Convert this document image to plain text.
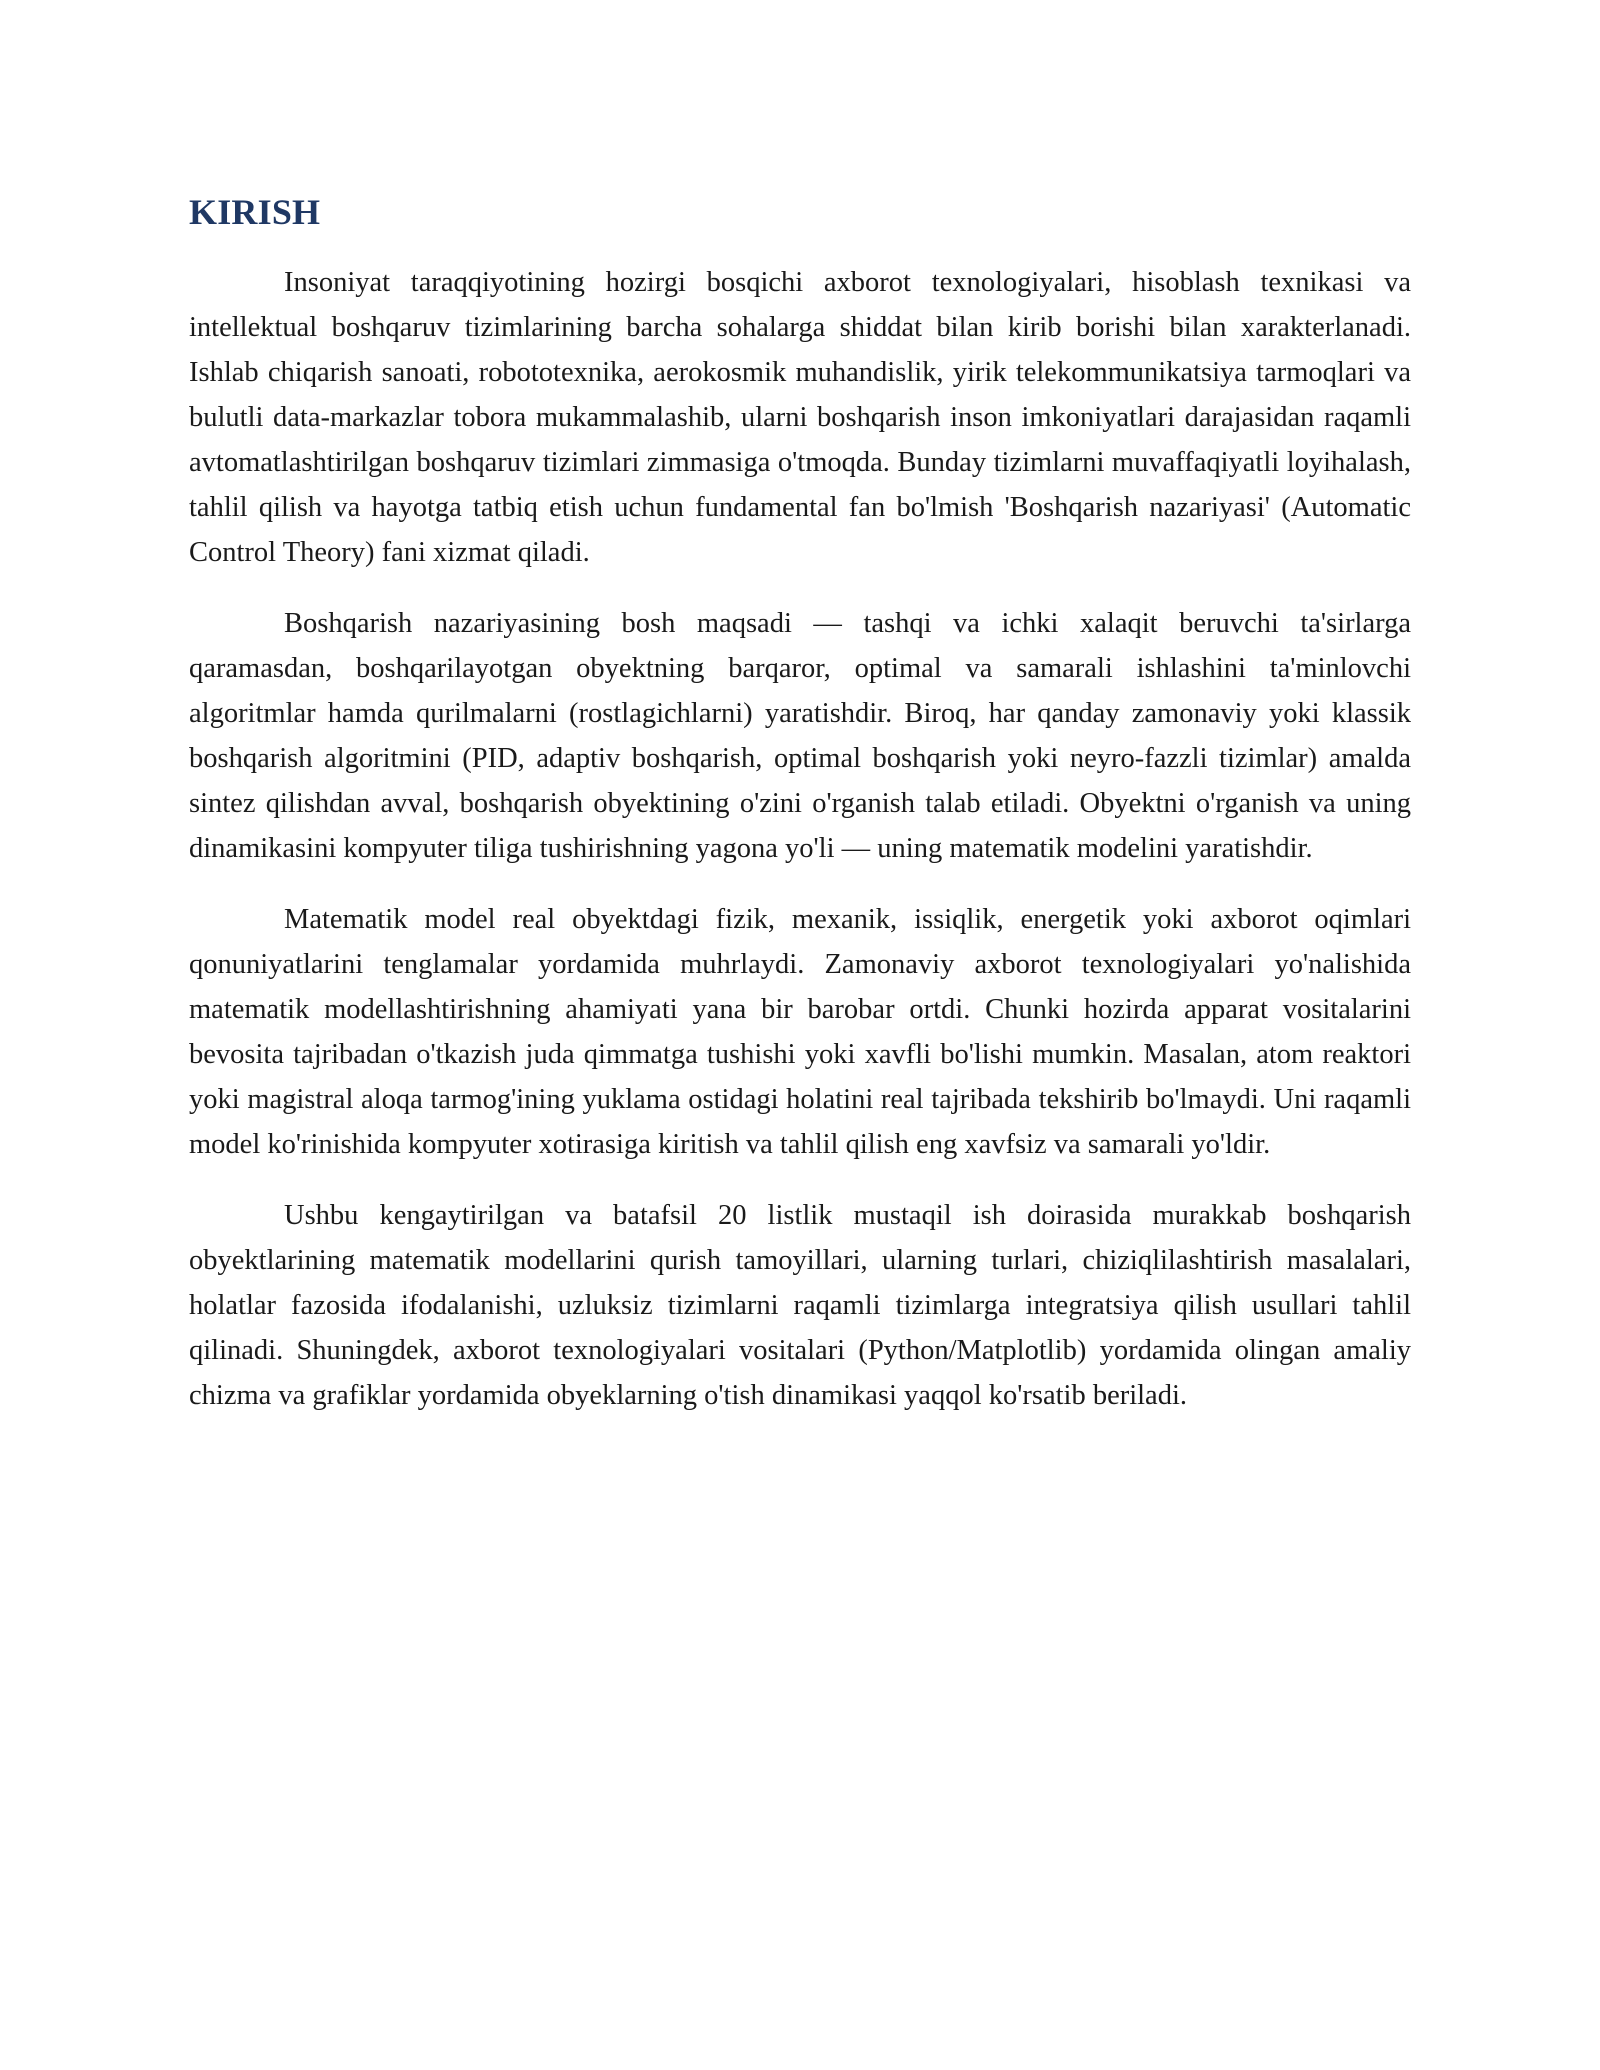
KIRISH

Insoniyat taraqqiyotining hozirgi bosqichi axborot texnologiyalari, hisoblash texnikasi va intellektual boshqaruv tizimlarining barcha sohalarga shiddat bilan kirib borishi bilan xarakterlanadi. Ishlab chiqarish sanoati, robototexnika, aerokosmik muhandislik, yirik telekommunikatsiya tarmoqlari va bulutli data-markazlar tobora mukammalashib, ularni boshqarish inson imkoniyatlari darajasidan raqamli avtomatlashtirilgan boshqaruv tizimlari zimmasiga o'tmoqda. Bunday tizimlarni muvaffaqiyatli loyihalash, tahlil qilish va hayotga tatbiq etish uchun fundamental fan bo'lmish 'Boshqarish nazariyasi' (Automatic Control Theory) fani xizmat qiladi.

Boshqarish nazariyasining bosh maqsadi — tashqi va ichki xalaqit beruvchi ta'sirlarga qaramasdan, boshqarilayotgan obyektning barqaror, optimal va samarali ishlashini ta'minlovchi algoritmlar hamda qurilmalarni (rostlagichlarni) yaratishdir. Biroq, har qanday zamonaviy yoki klassik boshqarish algoritmini (PID, adaptiv boshqarish, optimal boshqarish yoki neyro-fazzli tizimlar) amalda sintez qilishdan avval, boshqarish obyektining o'zini o'rganish talab etiladi. Obyektni o'rganish va uning dinamikasini kompyuter tiliga tushirishning yagona yo'li — uning matematik modelini yaratishdir.

Matematik model real obyektdagi fizik, mexanik, issiqlik, energetik yoki axborot oqimlari qonuniyatlarini tenglamalar yordamida muhrlaydi. Zamonaviy axborot texnologiyalari yo'nalishida matematik modellashtirishning ahamiyati yana bir barobar ortdi. Chunki hozirda apparat vositalarini bevosita tajribadan o'tkazish juda qimmatga tushishi yoki xavfli bo'lishi mumkin. Masalan, atom reaktori yoki magistral aloqa tarmog'ining yuklama ostidagi holatini real tajribada tekshirib bo'lmaydi. Uni raqamli model ko'rinishida kompyuter xotirasiga kiritish va tahlil qilish eng xavfsiz va samarali yo'ldir.

Ushbu kengaytirilgan va batafsil 20 listlik mustaqil ish doirasida murakkab boshqarish obyektlarining matematik modellarini qurish tamoyillari, ularning turlari, chiziqlilashtirish masalalari, holatlar fazosida ifodalanishi, uzluksiz tizimlarni raqamli tizimlarga integratsiya qilish usullari tahlil qilinadi. Shuningdek, axborot texnologiyalari vositalari (Python/Matplotlib) yordamida olingan amaliy chizma va grafiklar yordamida obyeklarning o'tish dinamikasi yaqqol ko'rsatib beriladi.
